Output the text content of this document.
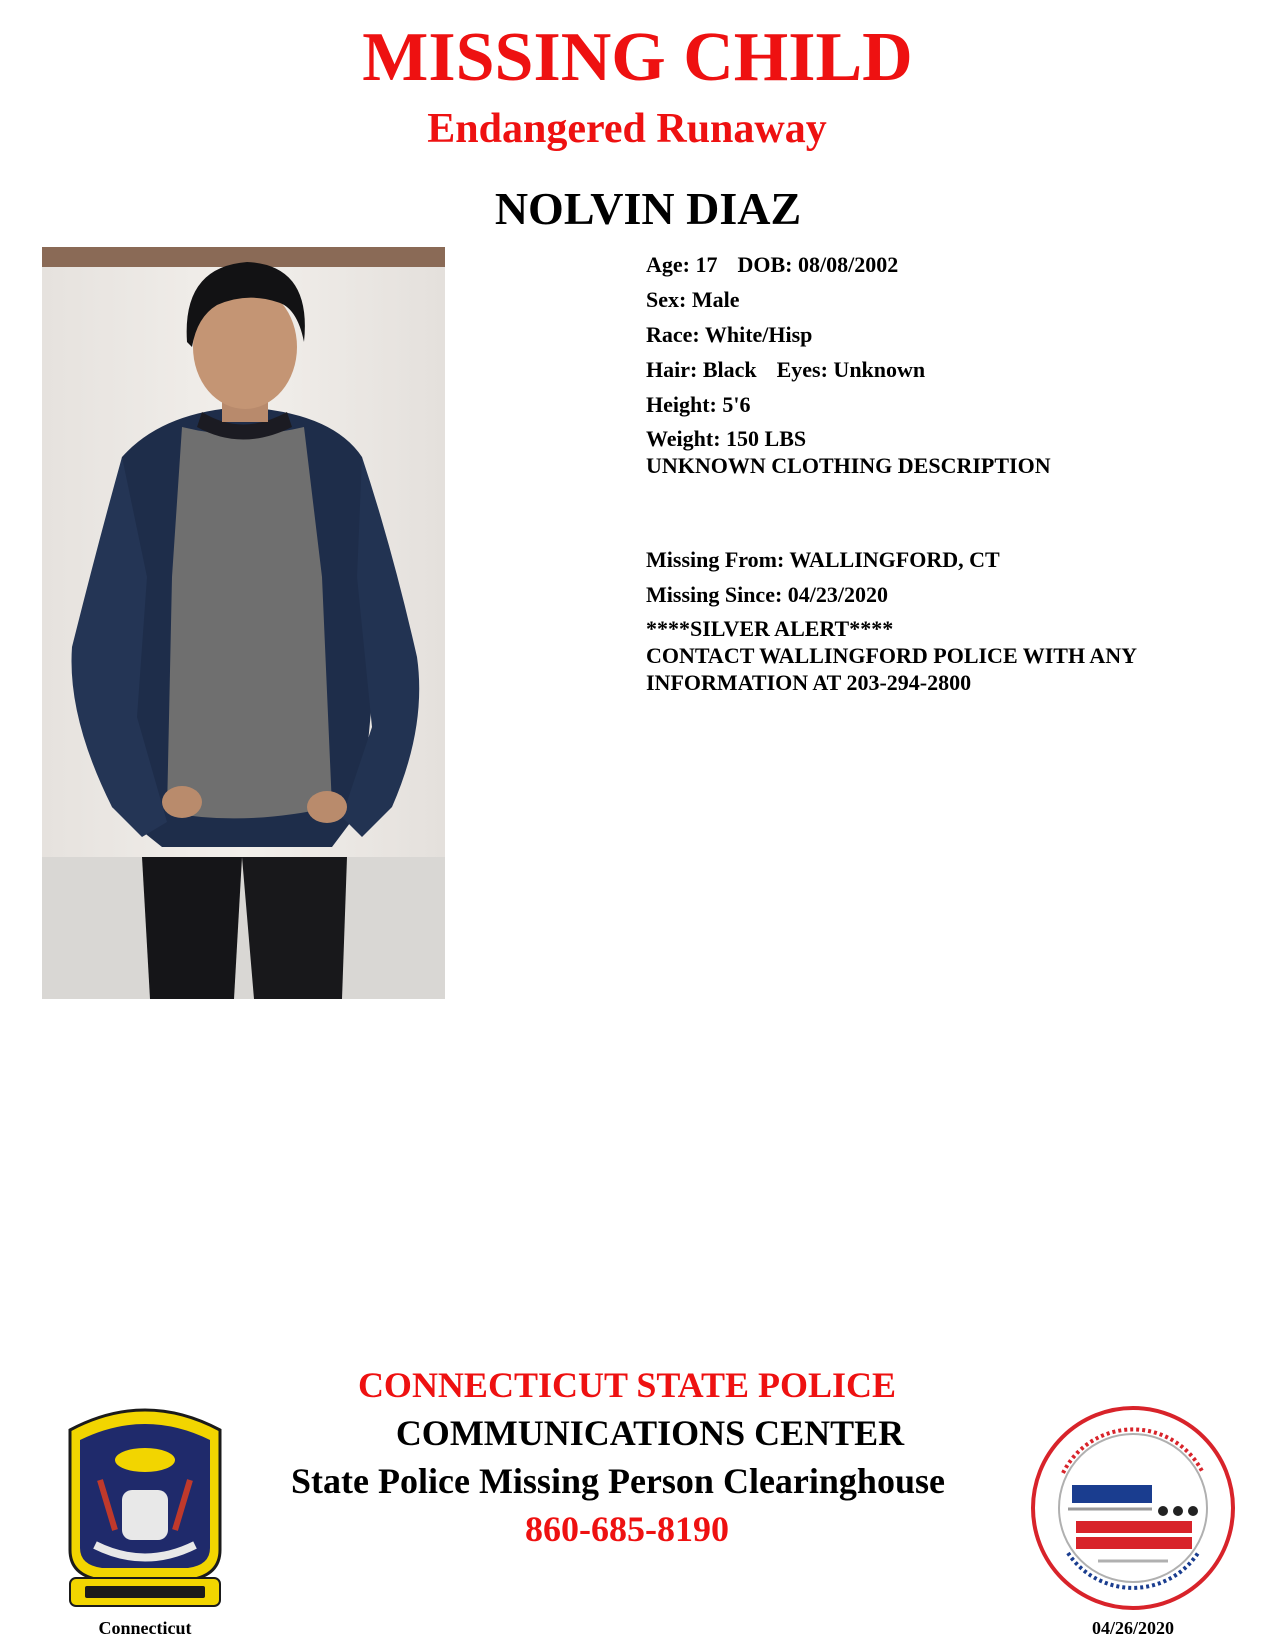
MISSING CHILD
Endangered Runaway
NOLVIN DIAZ
Age: 17 DOB: 08/08/2002
Sex: Male
Race: White/Hisp
Hair: Black Eyes: Unknown
Height: 5'6
Weight: 150 LBS
UNKNOWN CLOTHING DESCRIPTION
Missing From: WALLINGFORD, CT
Missing Since: 04/23/2020
****SILVER ALERT****
CONTACT WALLINGFORD POLICE WITH ANY
INFORMATION AT 203-294-2800
CONNECTICUT STATE POLICE
COMMUNICATIONS CENTER
State Police Missing Person Clearinghouse
860-685-8190
Connecticut	04/26/2020
